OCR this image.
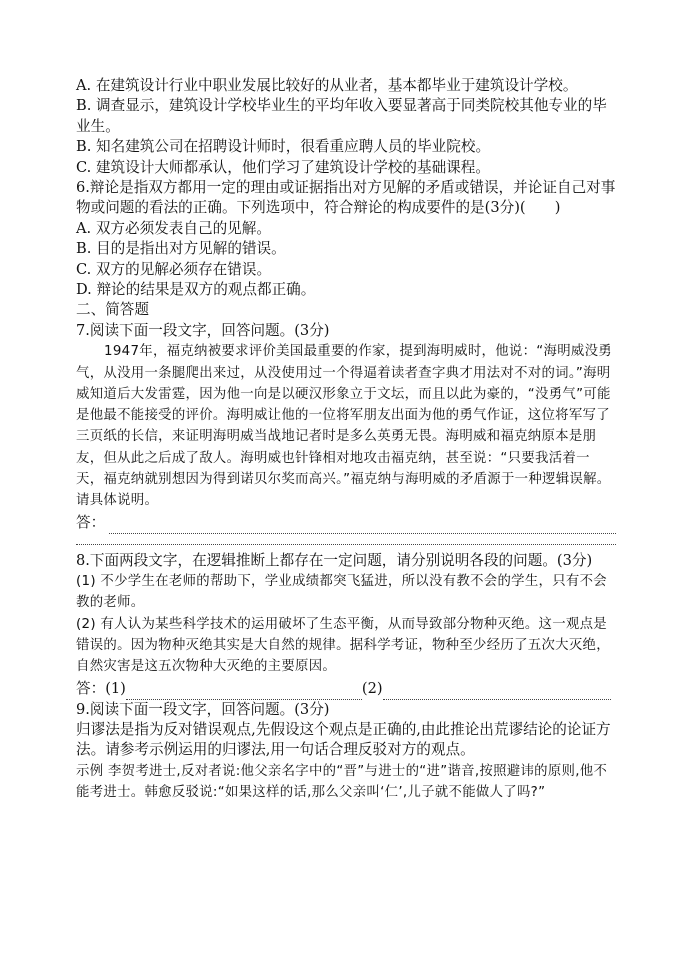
A. 在建筑设计行业中职业发展比较好的从业者，基本都毕业于建筑设计学校。

B. 调查显示，建筑设计学校毕业生的平均年收入要显著高于同类院校其他专业的毕业生。

B. 知名建筑公司在招聘设计师时，很看重应聘人员的毕业院校。

C. 建筑设计大师都承认，他们学习了建筑设计学校的基础课程。

6.辩论是指双方都用一定的理由或证据指出对方见解的矛盾或错误，并论证自己对事物或问题的看法的正确。下列选项中，符合辩论的构成要件的是(3分)(　　)

A. 双方必须发表自己的见解。

B. 目的是指出对方见解的错误。

C. 双方的见解必须存在错误。

D. 辩论的结果是双方的观点都正确。

二、简答题

7.阅读下面一段文字，回答问题。(3分)

1947年，福克纳被要求评价美国最重要的作家，提到海明威时，他说：“海明威没勇气，从没用一条腿爬出来过，从没使用过一个得逼着读者查字典才用法对不对的词。”海明威知道后大发雷霆，因为他一向是以硬汉形象立于文坛，而且以此为豪的，“没勇气”可能是他最不能接受的评价。海明威让他的一位将军朋友出面为他的勇气作证，这位将军写了三页纸的长信，来证明海明威当战地记者时是多么英勇无畏。海明威和福克纳原本是朋友，但从此之后成了敌人。海明威也针锋相对地攻击福克纳，甚至说：“只要我活着一天，福克纳就别想因为得到诺贝尔奖而高兴。”福克纳与海明威的矛盾源于一种逻辑误解。请具体说明。

答：

8.下面两段文字，在逻辑推断上都存在一定问题，请分别说明各段的问题。(3分)

(1) 不少学生在老师的帮助下，学业成绩都突飞猛进，所以没有教不会的学生，只有不会教的老师。

(2) 有人认为某些科学技术的运用破坏了生态平衡，从而导致部分物种灭绝。这一观点是错误的。因为物种灭绝其实是大自然的规律。据科学考证，物种至少经历了五次大灭绝，自然灾害是这五次物种大灭绝的主要原因。

答：(1)	(2)

9.阅读下面一段文字，回答问题。(3分)

归谬法是指为反对错误观点,先假设这个观点是正确的,由此推论出荒谬结论的论证方法。请参考示例运用的归谬法,用一句话合理反驳对方的观点。

示例 李贺考进士,反对者说:他父亲名字中的“晋”与进士的“进”谐音,按照避讳的原则,他不能考进士。韩愈反驳说:“如果这样的话,那么父亲叫‘仁’,儿子就不能做人了吗?”
